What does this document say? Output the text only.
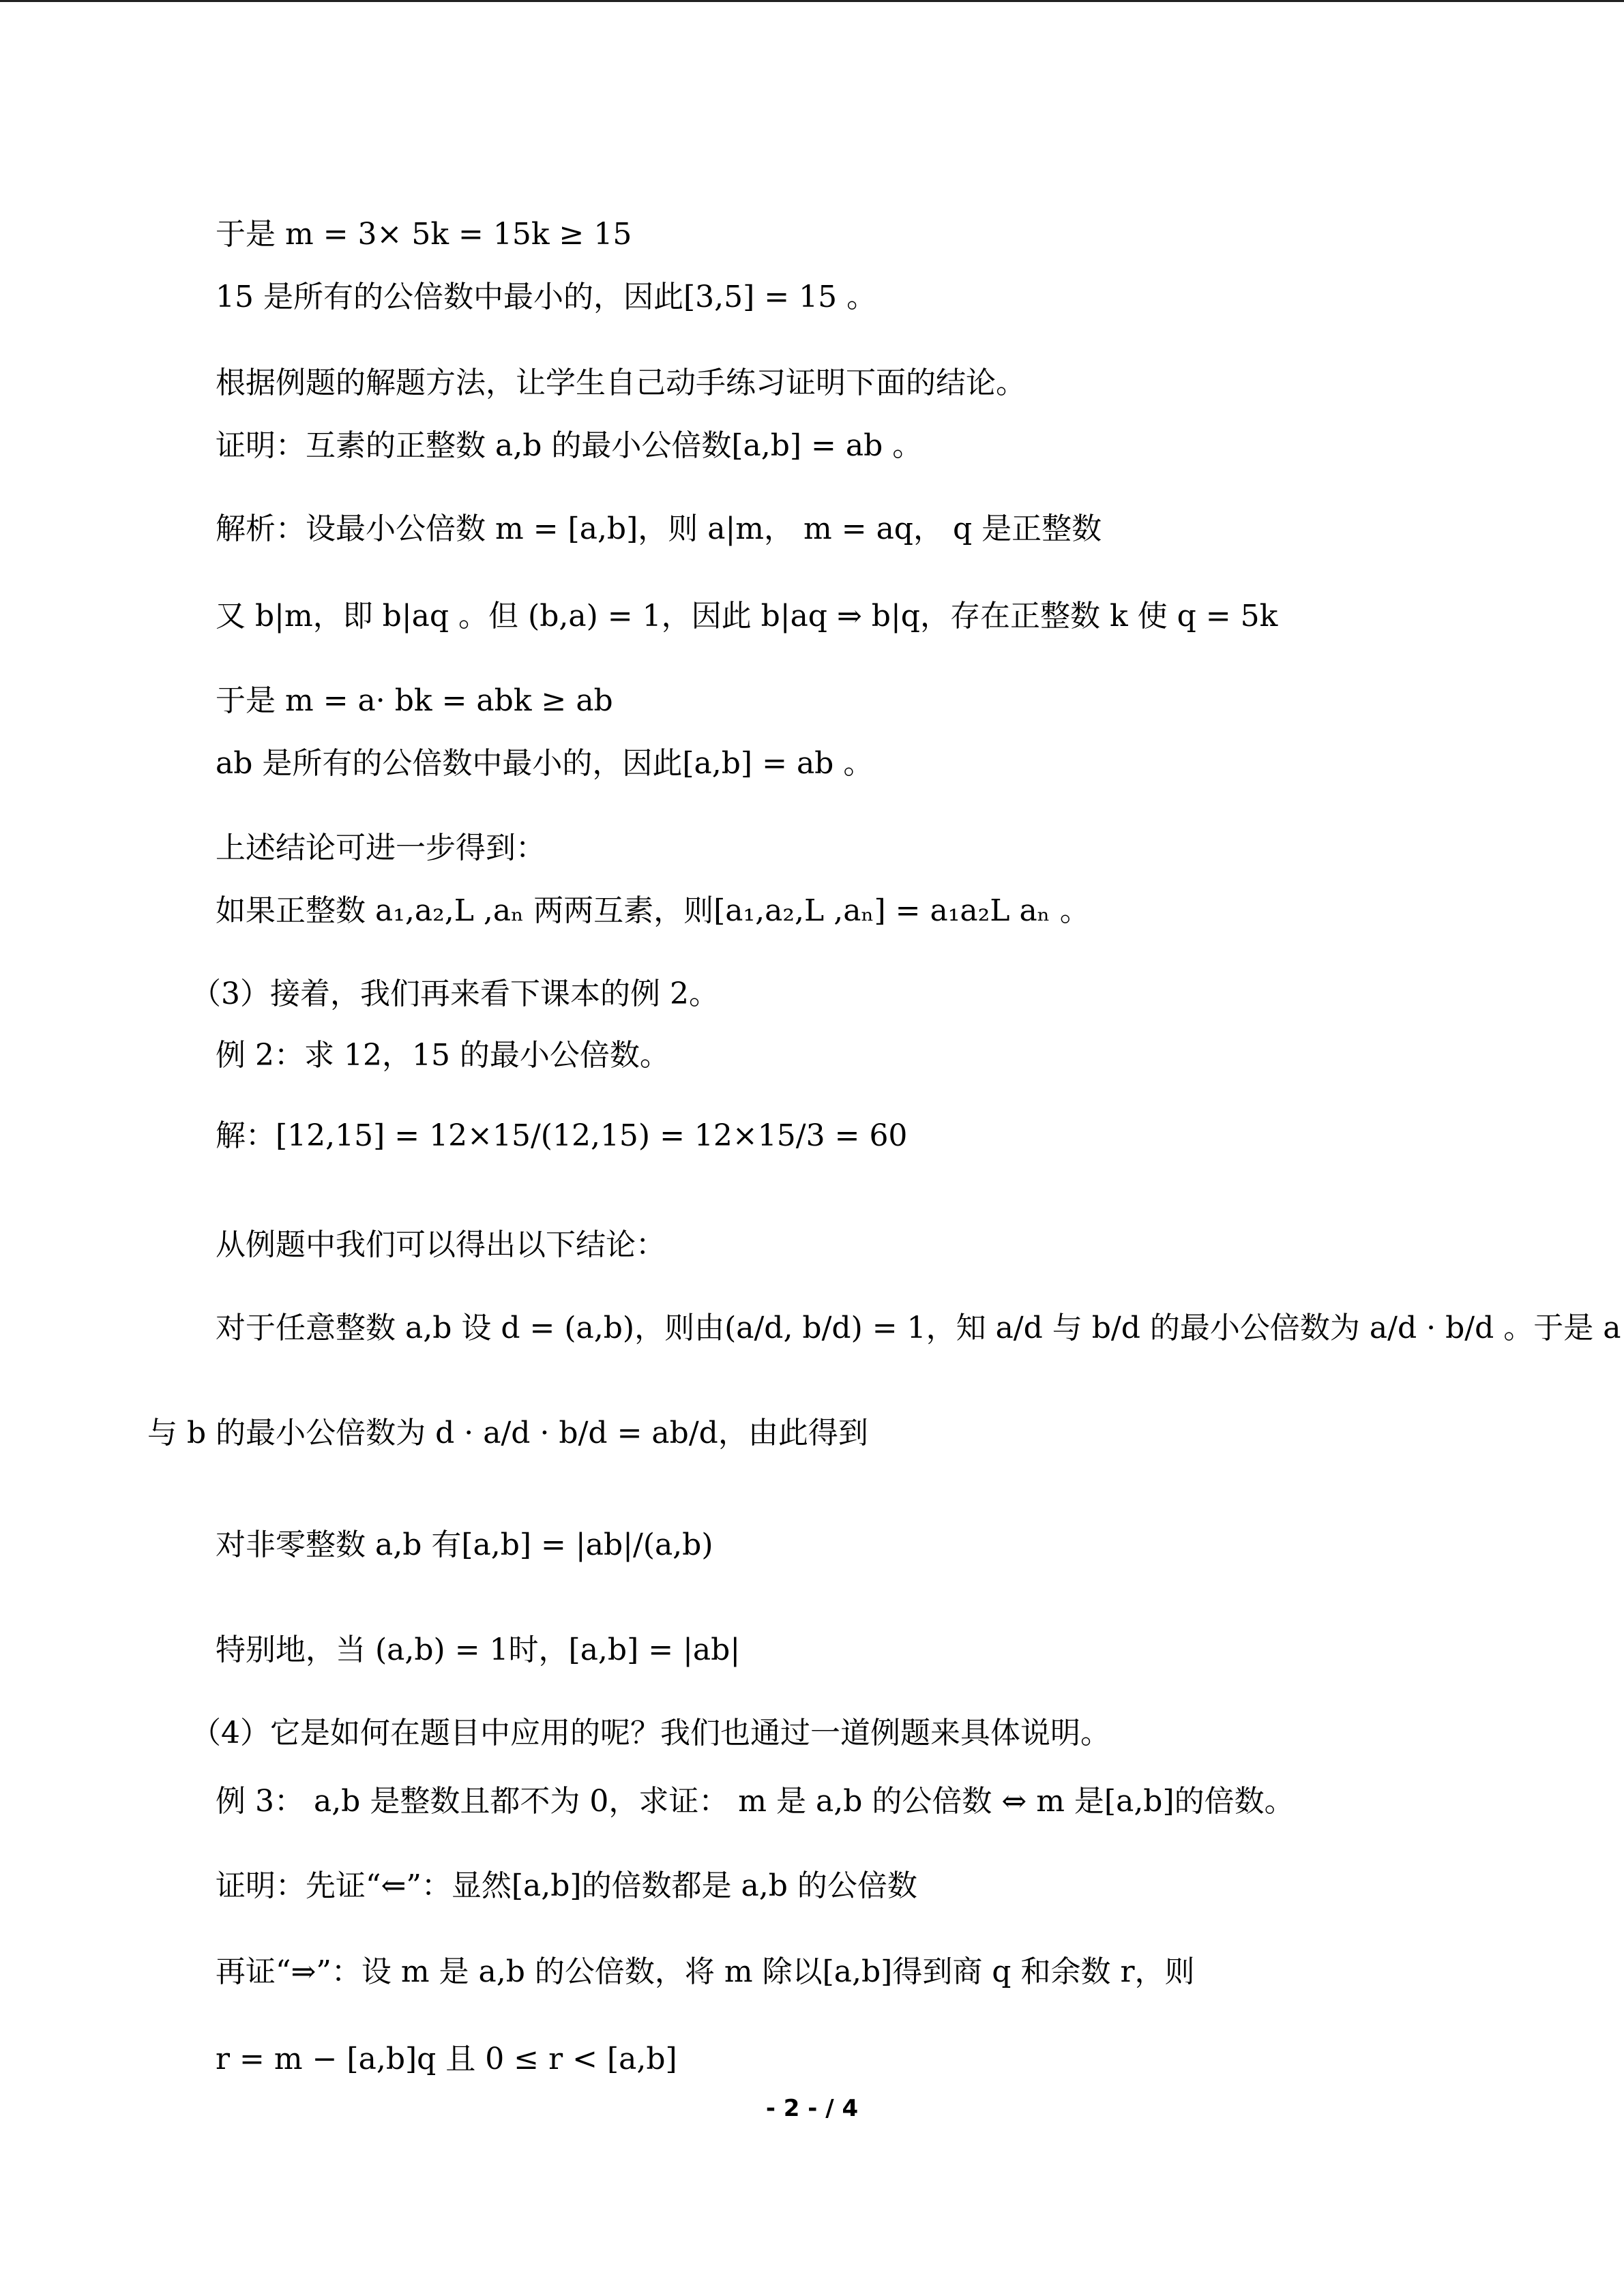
于是 m = 3× 5k = 15k ≥ 15
15 是所有的公倍数中最小的，因此[3,5] = 15 。
根据例题的解题方法，让学生自己动手练习证明下面的结论。
证明：互素的正整数 a,b 的最小公倍数[a,b] = ab 。
解析：设最小公倍数 m = [a,b]，则 a|m， m = aq， q 是正整数
又 b|m，即 b|aq 。但 (b,a) = 1，因此 b|aq ⇒ b|q，存在正整数 k 使 q = 5k
于是 m = a· bk = abk ≥ ab
ab 是所有的公倍数中最小的，因此[a,b] = ab 。
上述结论可进一步得到：
如果正整数 a₁,a₂,L ,aₙ 两两互素，则[a₁,a₂,L ,aₙ] = a₁a₂L aₙ 。
（3）接着，我们再来看下课本的例 2。
例 2：求 12，15 的最小公倍数。
解：[12,15] = 12×15/(12,15) = 12×15/3 = 60
从例题中我们可以得出以下结论：
对于任意整数 a,b 设 d = (a,b)，则由(a/d, b/d) = 1，知 a/d 与 b/d 的最小公倍数为 a/d · b/d 。于是 a
与 b 的最小公倍数为 d · a/d · b/d = ab/d，由此得到
对非零整数 a,b 有[a,b] = |ab|/(a,b)
特别地，当 (a,b) = 1时，[a,b] = |ab|
（4）它是如何在题目中应用的呢？我们也通过一道例题来具体说明。
例 3： a,b 是整数且都不为 0，求证： m 是 a,b 的公倍数 ⇔ m 是[a,b]的倍数。
证明：先证“⇐”：显然[a,b]的倍数都是 a,b 的公倍数
再证“⇒”：设 m 是 a,b 的公倍数，将 m 除以[a,b]得到商 q 和余数 r，则
r = m − [a,b]q 且 0 ≤ r < [a,b]
- 2 - / 4
